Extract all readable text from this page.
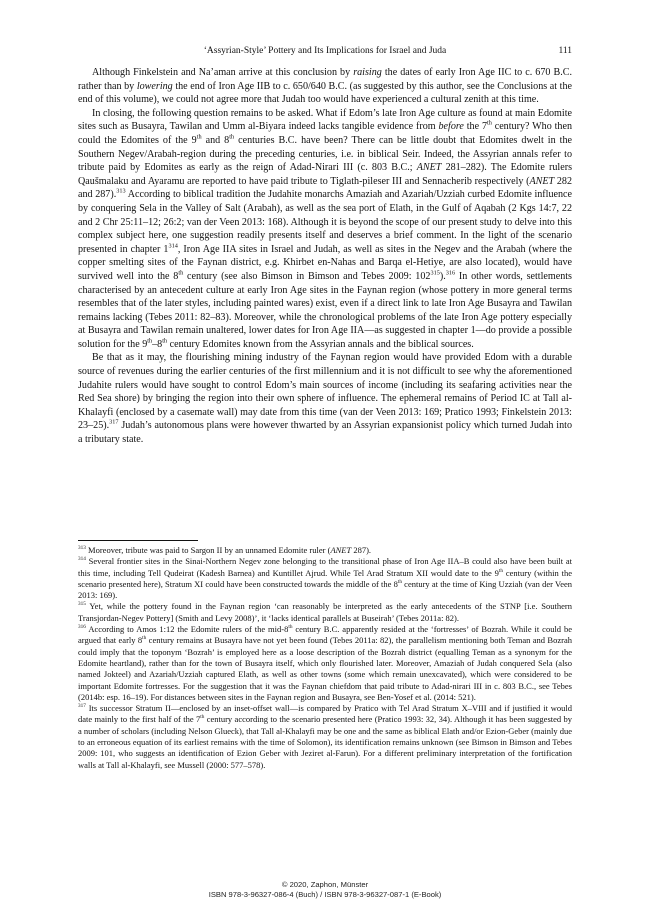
‘Assyrian-Style’ Pottery and Its Implications for Israel and Juda	111

Although Finkelstein and Na’aman arrive at this conclusion by raising the dates of early Iron Age IIC to c. 670 B.C. rather than by lowering the end of Iron Age IIB to c. 650/640 B.C. (as suggested by this author, see the Conclusions at the end of this volume), we could not agree more that Judah too would have experienced a cultural zenith at this time.

In closing, the following question remains to be asked. What if Edom’s late Iron Age culture as found at main Edomite sites such as Busayra, Tawilan and Umm al-Biyara indeed lacks tangible evidence from before the 7th century? Who then could the Edomites of the 9th and 8th centuries B.C. have been? There can be little doubt that Edomites dwelt in the Southern Negev/Arabah-region during the preceding centuries, i.e. in biblical Seir. Indeed, the Assyrian annals refer to tribute paid by Edomites as early as the reign of Adad-Nirari III (c. 803 B.C.; ANET 281–282). The Edomite rulers Qaušmalaku and Ayaramu are reported to have paid tribute to Tiglath-pileser III and Sennacherib respectively (ANET 282 and 287).$^{313}$ According to biblical tradition the Judahite monarchs Amaziah and Azariah/Uzziah curbed Edomite influence by conquering Sela in the Valley of Salt (Arabah), as well as the sea port of Elath, in the Gulf of Aqabah (2 Kgs 14:7, 22 and 2 Chr 25:11–12; 26:2; van der Veen 2013: 168). Although it is beyond the scope of our present study to delve into this complex subject here, one suggestion readily presents itself and deserves a brief comment. In the light of the scenario presented in chapter $1^{314}$, Iron Age IIA sites in Israel and Judah, as well as sites in the Negev and the Arabah (where the copper smelting sites of the Faynan district, e.g. Khirbet en-Nahas and Barqa el-Hetiye, are also located), would have survived well into the 8th century (see also Bimson in Bimson and Tebes 2009: $102^{315}).^{316}$ In other words, settlements characterised by an antecedent culture at early Iron Age sites in the Faynan region (whose pottery in more general terms resembles that of the later styles, including painted wares) exist, even if a direct link to late Iron Age Busayra and Tawilan remains lacking (Tebes 2011: 82–83). Moreover, while the chronological problems of the late Iron Age pottery especially at Busayra and Tawilan remain unaltered, lower dates for Iron Age IIA—as suggested in chapter 1—do provide a possible solution for the 9th–8th century Edomites known from the Assyrian annals and the biblical sources.

Be that as it may, the flourishing mining industry of the Faynan region would have provided Edom with a durable source of revenues during the earlier centuries of the first millennium and it is not difficult to see why the aforementioned Judahite rulers would have sought to control Edom’s main sources of income (including its seafaring activities near the Red Sea shore) by bringing the region into their own sphere of influence. The ephemeral remains of Period IC at Tall al-Khalayfi (enclosed by a casemate wall) may date from this time (van der Veen 2013: 169; Pratico 1993; Finkelstein 2013: 23–25).$^{317}$ Judah’s autonomous plans were however thwarted by an Assyrian expansionist policy which turned Judah into a tributary state.

$^{313}$ Moreover, tribute was paid to Sargon II by an unnamed Edomite ruler (ANET 287).

$^{314}$ Several frontier sites in the Sinai-Northern Negev zone belonging to the transitional phase of Iron Age IIA–B could also have been built at this time, including Tell Qudeirat (Kadesh Barnea) and Kuntillet Ajrud. While Tel Arad Stratum XII would date to the 9th century (within the scenario presented here), Stratum XI could have been constructed towards the middle of the 8th century at the time of King Uzziah (van der Veen 2013: 169).

$^{315}$ Yet, while the pottery found in the Faynan region ‘can reasonably be interpreted as the early antecedents of the STNP [i.e. Southern Transjordan-Negev Pottery] (Smith and Levy 2008)’, it ‘lacks identical parallels at Buseirah’ (Tebes 2011a: 82).

$^{316}$ According to Amos 1:12 the Edomite rulers of the mid-8th century B.C. apparently resided at the ‘fortresses’ of Bozrah. While it could be argued that early 8th century remains at Busayra have not yet been found (Tebes 2011a: 82), the parallelism mentioning both Teman and Bozrah could imply that the toponym ‘Bozrah’ is employed here as a loose description of the Bozrah district (equalling Teman as a synonym for the Edomite heartland), rather than for the town of Busayra itself, which only flourished later. Moreover, Amaziah of Judah conquered Sela (also named Jokteel) and Azariah/Uzziah captured Elath, as well as other towns (some which remain unexcavated), which were considered to be important Edomite fortresses. For the suggestion that it was the Faynan chiefdom that paid tribute to Adad-nirari III in c. 803 B.C., see Tebes (2014b: esp. 16–19). For distances between sites in the Faynan region and Busayra, see Ben-Yosef et al. (2014: 521).

$^{317}$ Its successor Stratum II—enclosed by an inset-offset wall—is compared by Pratico with Tel Arad Stratum X–VIII and if justified it would date mainly to the first half of the 7th century according to the scenario presented here (Pratico 1993: 32, 34). Although it has been suggested by a number of scholars (including Nelson Glueck), that Tall al-Khalayfi may be one and the same as biblical Elath and/or Ezion-Geber (mainly due to an erroneous equation of its earliest remains with the time of Solomon), its identification remains unknown (see Bimson in Bimson and Tebes 2009: 101, who suggests an identification of Ezion Geber with Jeziret al-Farun). For a different preliminary interpretation of the fortification walls at Tall al-Khalayfi, see Mussell (2000: 577–578).

© 2020, Zaphon, Münster
ISBN 978-3-96327-086-4 (Buch) / ISBN 978-3-96327-087-1 (E-Book)
